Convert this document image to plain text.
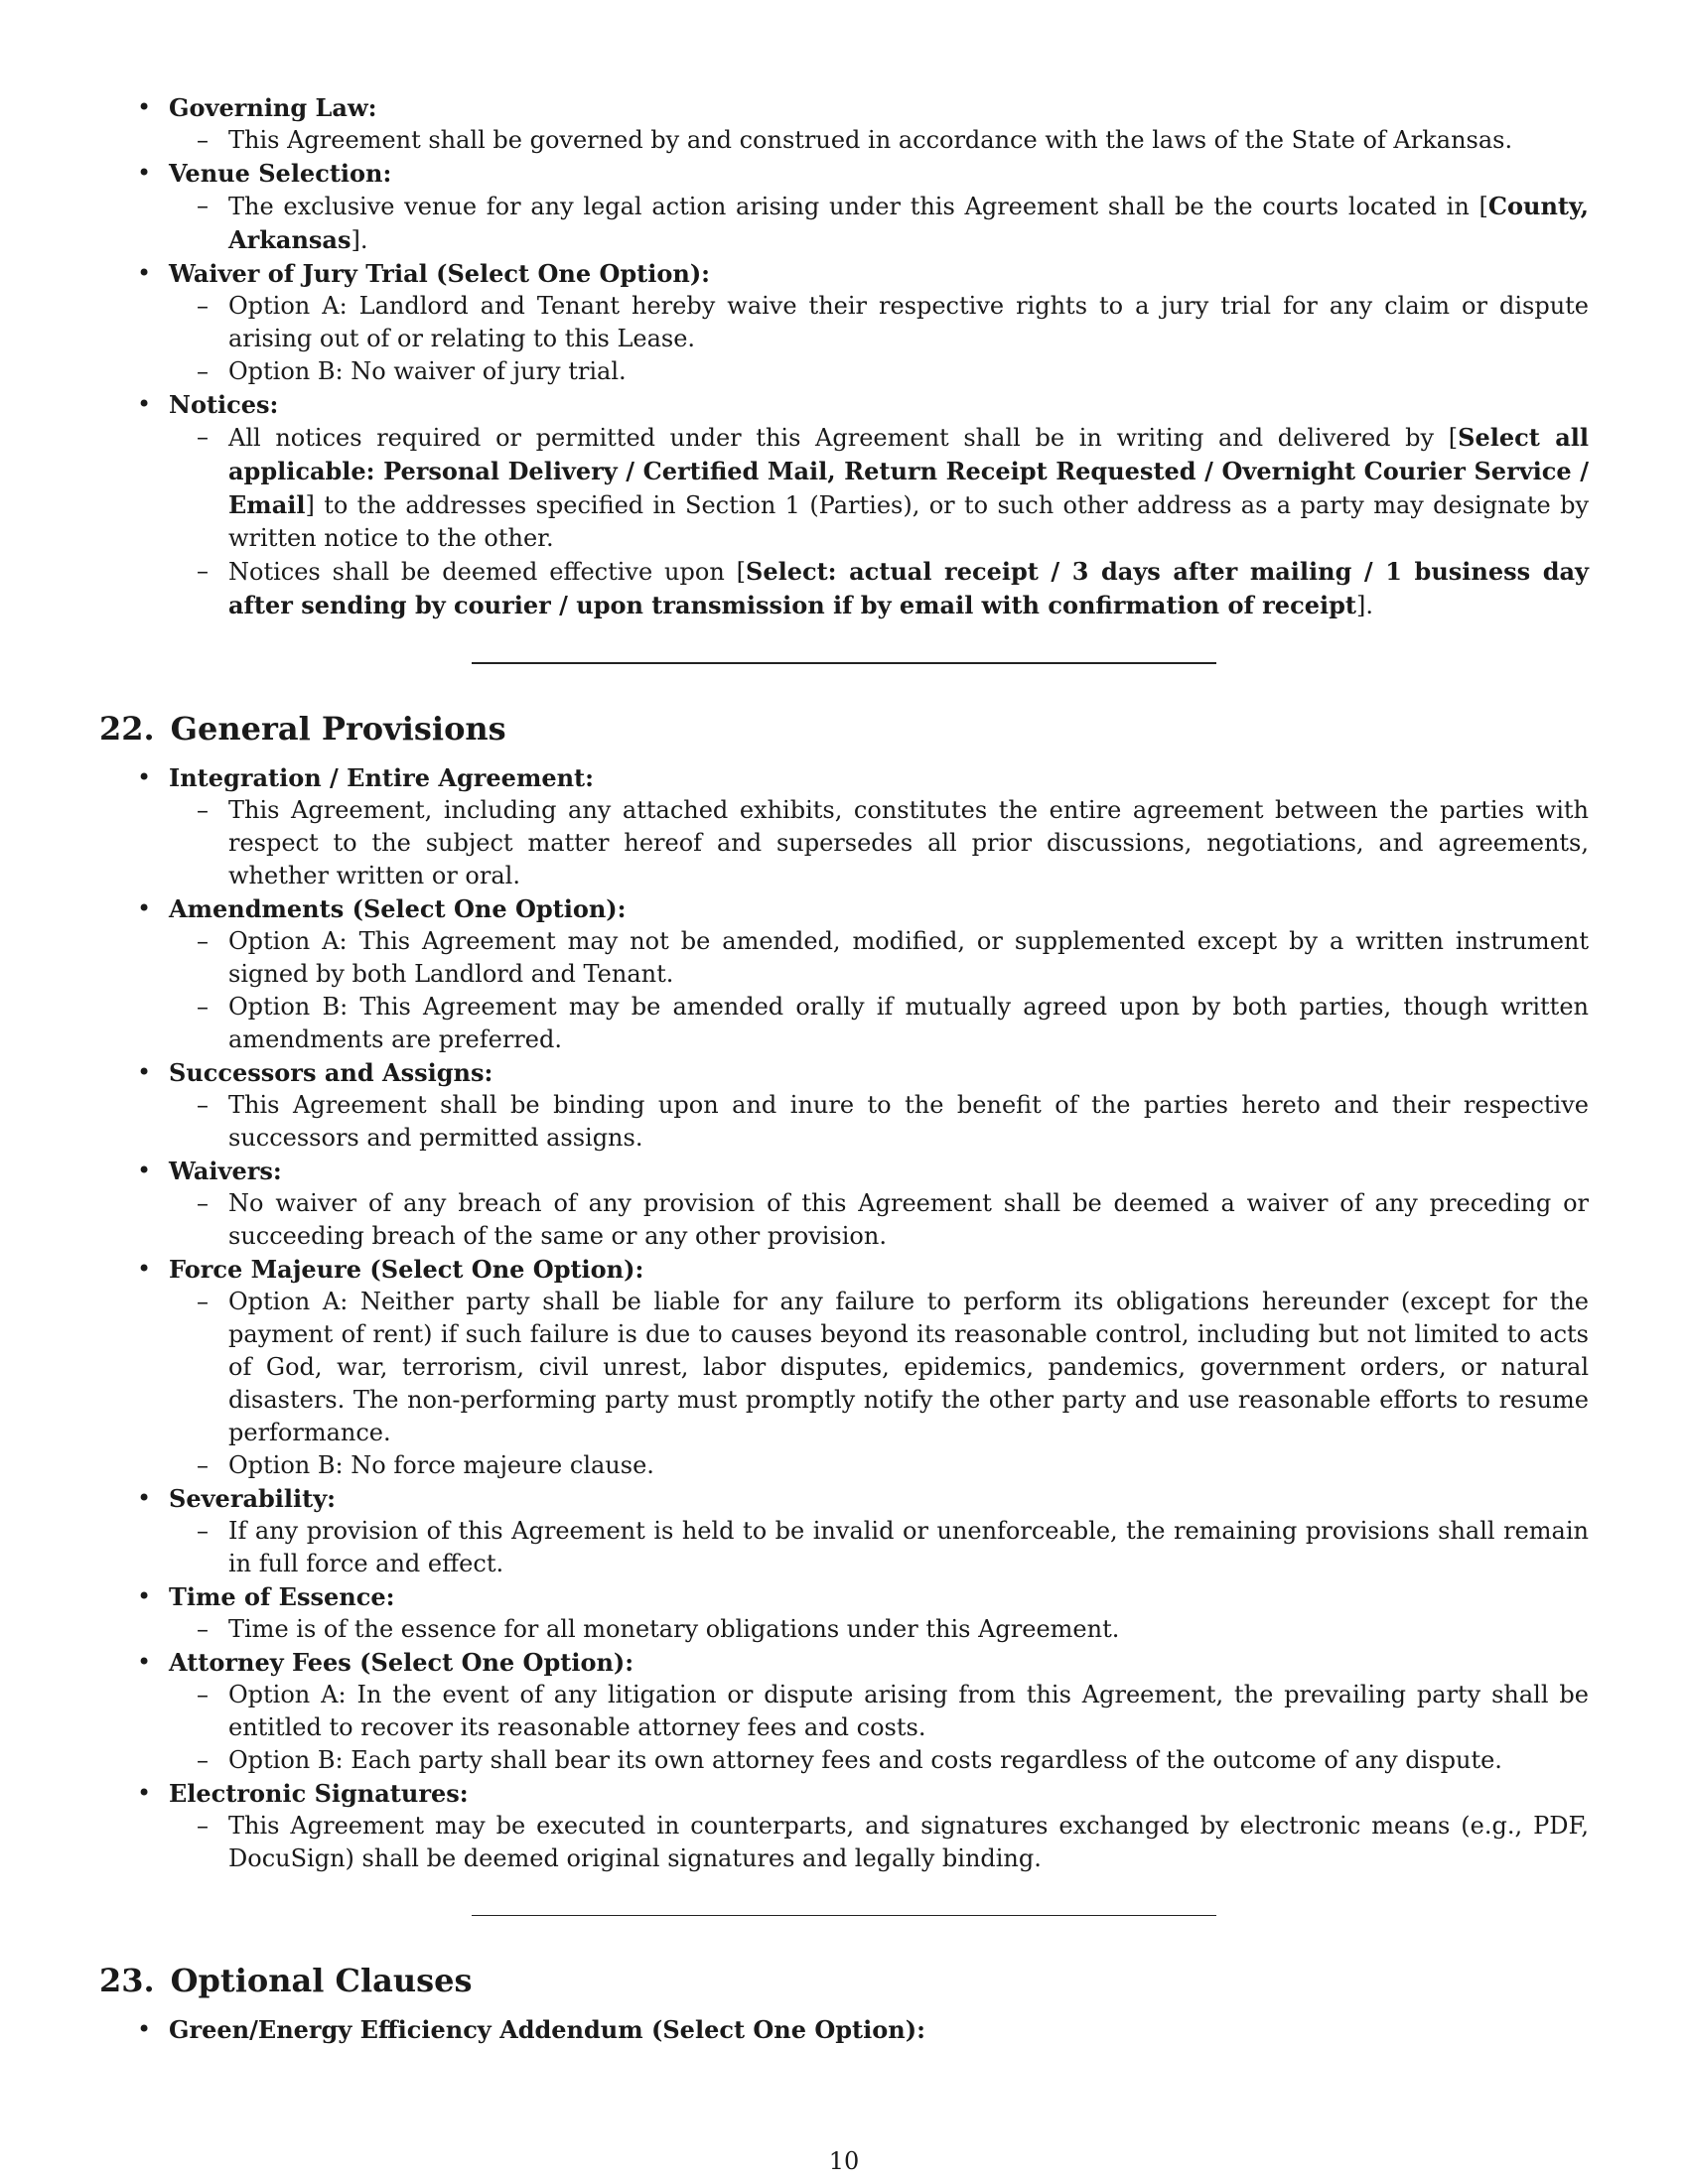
• Governing Law:
– This Agreement shall be governed by and construed in accordance with the laws of the State of Arkansas.
• Venue Selection:
– The exclusive venue for any legal action arising under this Agreement shall be the courts located in [County, Arkansas].
• Waiver of Jury Trial (Select One Option):
– Option A: Landlord and Tenant hereby waive their respective rights to a jury trial for any claim or dispute arising out of or relating to this Lease.
– Option B: No waiver of jury trial.
• Notices:
– All notices required or permitted under this Agreement shall be in writing and delivered by [Select all applicable: Personal Delivery / Certified Mail, Return Receipt Requested / Overnight Courier Service / Email] to the addresses specified in Section 1 (Parties), or to such other address as a party may designate by written notice to the other.
– Notices shall be deemed effective upon [Select: actual receipt / 3 days after mailing / 1 business day after sending by courier / upon transmission if by email with confirmation of receipt].
22. General Provisions
• Integration / Entire Agreement:
– This Agreement, including any attached exhibits, constitutes the entire agreement between the parties with respect to the subject matter hereof and supersedes all prior discussions, negotiations, and agreements, whether written or oral.
• Amendments (Select One Option):
– Option A: This Agreement may not be amended, modified, or supplemented except by a written instrument signed by both Landlord and Tenant.
– Option B: This Agreement may be amended orally if mutually agreed upon by both parties, though written amendments are preferred.
• Successors and Assigns:
– This Agreement shall be binding upon and inure to the benefit of the parties hereto and their respective successors and permitted assigns.
• Waivers:
– No waiver of any breach of any provision of this Agreement shall be deemed a waiver of any preceding or succeeding breach of the same or any other provision.
• Force Majeure (Select One Option):
– Option A: Neither party shall be liable for any failure to perform its obligations hereunder (except for the payment of rent) if such failure is due to causes beyond its reasonable control, including but not limited to acts of God, war, terrorism, civil unrest, labor disputes, epidemics, pandemics, government orders, or natural disasters. The non-performing party must promptly notify the other party and use reasonable efforts to resume performance.
– Option B: No force majeure clause.
• Severability:
– If any provision of this Agreement is held to be invalid or unenforceable, the remaining provisions shall remain in full force and effect.
• Time of Essence:
– Time is of the essence for all monetary obligations under this Agreement.
• Attorney Fees (Select One Option):
– Option A: In the event of any litigation or dispute arising from this Agreement, the prevailing party shall be entitled to recover its reasonable attorney fees and costs.
– Option B: Each party shall bear its own attorney fees and costs regardless of the outcome of any dispute.
• Electronic Signatures:
– This Agreement may be executed in counterparts, and signatures exchanged by electronic means (e.g., PDF, DocuSign) shall be deemed original signatures and legally binding.
23. Optional Clauses
• Green/Energy Efficiency Addendum (Select One Option):
10
